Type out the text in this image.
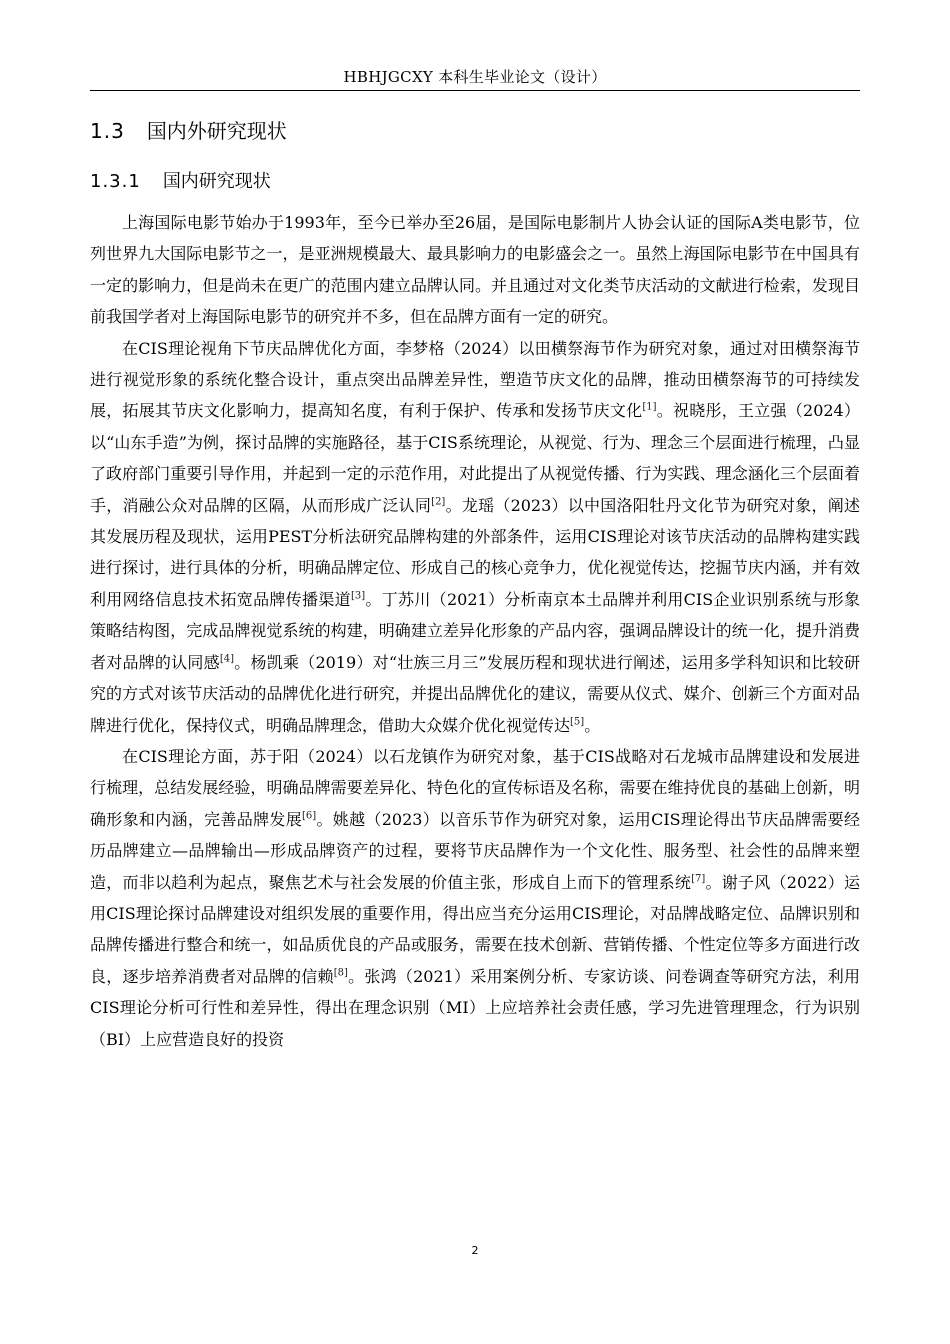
HBHJGCXY 本科生毕业论文（设计）
1.3 国内外研究现状
1.3.1 国内研究现状

上海国际电影节始办于1993年，至今已举办至26届，是国际电影制片人协会认证的国际A类电影节，位列世界九大国际电影节之一，是亚洲规模最大、最具影响力的电影盛会之一。虽然上海国际电影节在中国具有一定的影响力，但是尚未在更广的范围内建立品牌认同。并且通过对文化类节庆活动的文献进行检索，发现目前我国学者对上海国际电影节的研究并不多，但在品牌方面有一定的研究。

在CIS理论视角下节庆品牌优化方面，李梦格（2024）以田横祭海节作为研究对象，通过对田横祭海节进行视觉形象的系统化整合设计，重点突出品牌差异性，塑造节庆文化的品牌，推动田横祭海节的可持续发展，拓展其节庆文化影响力，提高知名度，有利于保护、传承和发扬节庆文化[1]。祝晓彤，王立强（2024）以“山东手造”为例，探讨品牌的实施路径，基于CIS系统理论，从视觉、行为、理念三个层面进行梳理，凸显了政府部门重要引导作用，并起到一定的示范作用，对此提出了从视觉传播、行为实践、理念涵化三个层面着手，消融公众对品牌的区隔，从而形成广泛认同[2]。龙瑶（2023）以中国洛阳牡丹文化节为研究对象，阐述其发展历程及现状，运用PEST分析法研究品牌构建的外部条件，运用CIS理论对该节庆活动的品牌构建实践进行探讨，进行具体的分析，明确品牌定位、形成自己的核心竞争力，优化视觉传达，挖掘节庆内涵，并有效利用网络信息技术拓宽品牌传播渠道[3]。丁苏川（2021）分析南京本土品牌并利用CIS企业识别系统与形象策略结构图，完成品牌视觉系统的构建，明确建立差异化形象的产品内容，强调品牌设计的统一化，提升消费者对品牌的认同感[4]。杨凯乘（2019）对“壮族三月三”发展历程和现状进行阐述，运用多学科知识和比较研究的方式对该节庆活动的品牌优化进行研究，并提出品牌优化的建议，需要从仪式、媒介、创新三个方面对品牌进行优化，保持仪式，明确品牌理念，借助大众媒介优化视觉传达[5]。

在CIS理论方面，苏于阳（2024）以石龙镇作为研究对象，基于CIS战略对石龙城市品牌建设和发展进行梳理，总结发展经验，明确品牌需要差异化、特色化的宣传标语及名称，需要在维持优良的基础上创新，明确形象和内涵，完善品牌发展[6]。姚越（2023）以音乐节作为研究对象，运用CIS理论得出节庆品牌需要经历品牌建立—品牌输出—形成品牌资产的过程，要将节庆品牌作为一个文化性、服务型、社会性的品牌来塑造，而非以趋利为起点，聚焦艺术与社会发展的价值主张，形成自上而下的管理系统[7]。谢子风（2022）运用CIS理论探讨品牌建设对组织发展的重要作用，得出应当充分运用CIS理论，对品牌战略定位、品牌识别和品牌传播进行整合和统一，如品质优良的产品或服务，需要在技术创新、营销传播、个性定位等多方面进行改良，逐步培养消费者对品牌的信赖[8]。张鸿（2021）采用案例分析、专家访谈、问卷调查等研究方法，利用CIS理论分析可行性和差异性，得出在理念识别（MI）上应培养社会责任感，学习先进管理理念，行为识别（BI）上应营造良好的投资

2
